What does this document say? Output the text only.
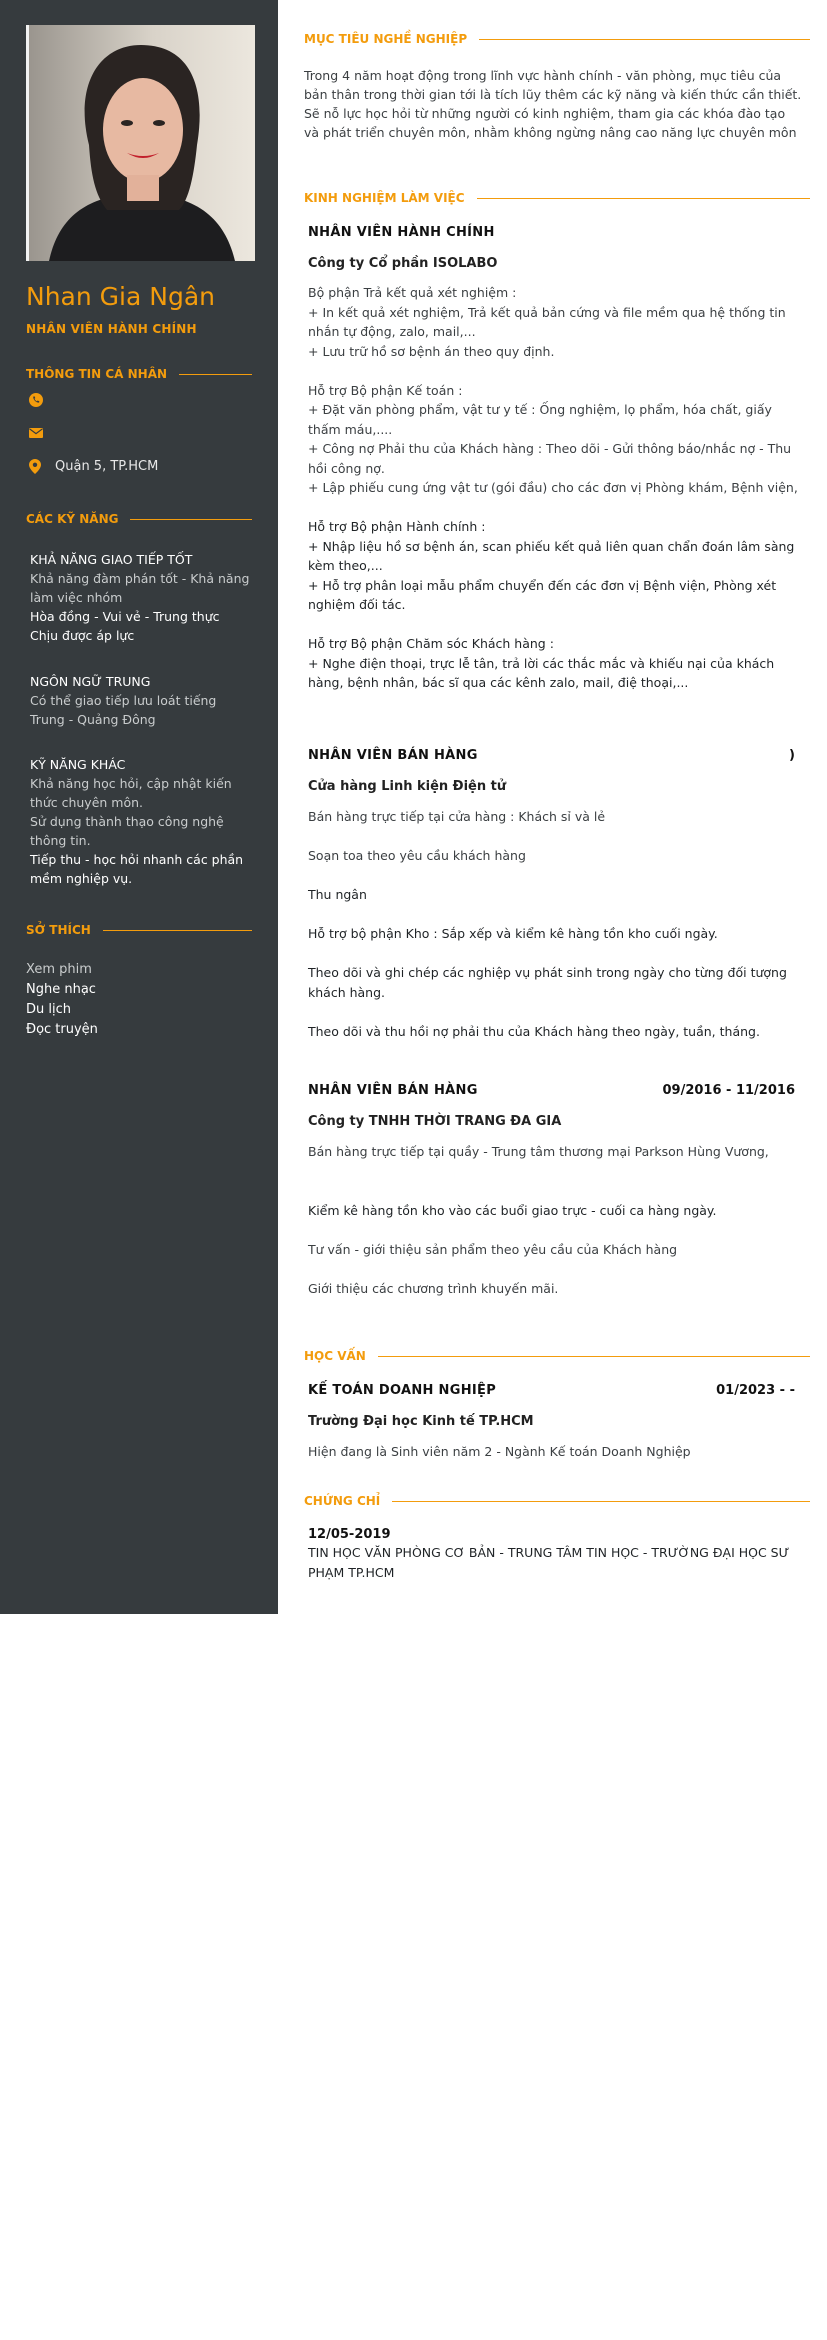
Nhan Gia Ngân
NHÂN VIÊN HÀNH CHÍNH
THÔNG TIN CÁ NHÂN
Quận 5, TP.HCM
CÁC KỸ NĂNG
KHẢ NĂNG GIAO TIẾP TỐT
Khả năng đàm phán tốt - Khả năng làm việc nhóm
Hòa đồng - Vui vẻ - Trung thực
Chịu được áp lực
NGÔN NGỮ TRUNG
Có thể giao tiếp lưu loát tiếng Trung - Quảng Đông
KỸ NĂNG KHÁC
Khả năng học hỏi, cập nhật kiến thức chuyên môn.
Sử dụng thành thạo công nghệ thông tin.
Tiếp thu - học hỏi nhanh các phần mềm nghiệp vụ.
SỞ THÍCH
Xem phim
Nghe nhạc
Du lịch
Đọc truyện
MỤC TIÊU NGHỀ NGHIỆP
Trong 4 năm hoạt động trong lĩnh vực hành chính - văn phòng, mục tiêu của bản thân trong thời gian tới là tích lũy thêm các kỹ năng và kiến thức cần thiết. Sẽ nỗ lực học hỏi từ những người có kinh nghiệm, tham gia các khóa đào tạo và phát triển chuyên môn, nhằm không ngừng nâng cao năng lực chuyên môn
KINH NGHIỆM LÀM VIỆC
NHÂN VIÊN HÀNH CHÍNH
Công ty Cổ phần ISOLABO
Bộ phận Trả kết quả xét nghiệm :
+ In kết quả xét nghiệm, Trả kết quả bản cứng và file mềm qua hệ thống tin nhắn tự động, zalo, mail,...
+ Lưu trữ hồ sơ bệnh án theo quy định.
Hỗ trợ Bộ phận Kế toán :
+ Đặt văn phòng phẩm, vật tư y tế : Ống nghiệm, lọ phẩm, hóa chất, giấy thấm máu,....
+ Công nợ Phải thu của Khách hàng : Theo dõi - Gửi thông báo/nhắc nợ - Thu hồi công nợ.
+ Lập phiếu cung ứng vật tư (gói đầu) cho các đơn vị Phòng khám, Bệnh viện,
Hỗ trợ Bộ phận Hành chính :
+ Nhập liệu hồ sơ bệnh án, scan phiếu kết quả liên quan chẩn đoán lâm sàng kèm theo,...
+ Hỗ trợ phân loại mẫu phẩm chuyển đến các đơn vị Bệnh viện, Phòng xét nghiệm đối tác.
Hỗ trợ Bộ phận Chăm sóc Khách hàng :
+ Nghe điện thoại, trực lễ tân, trả lời các thắc mắc và khiếu nại của khách hàng, bệnh nhân, bác sĩ qua các kênh zalo, mail, điệ thoại,...
NHÂN VIÊN BÁN HÀNG	)
Cửa hàng Linh kiện Điện tử
Bán hàng trực tiếp tại cửa hàng : Khách sỉ và lẻ
Soạn toa theo yêu cầu khách hàng
Thu ngân
Hỗ trợ bộ phận Kho : Sắp xếp và kiểm kê hàng tồn kho cuối ngày.
Theo dõi và ghi chép các nghiệp vụ phát sinh trong ngày cho từng đối tượng khách hàng.
Theo dõi và thu hồi nợ phải thu của Khách hàng theo ngày, tuần, tháng.
NHÂN VIÊN BÁN HÀNG	09/2016 - 11/2016
Công ty TNHH THỜI TRANG ĐA GIA
Bán hàng trực tiếp tại quầy - Trung tâm thương mại Parkson Hùng Vương,
Kiểm kê hàng tồn kho vào các buổi giao trực - cuối ca hàng ngày.
Tư vấn - giới thiệu sản phẩm theo yêu cầu của Khách hàng
Giới thiệu các chương trình khuyến mãi.
HỌC VẤN
KẾ TOÁN DOANH NGHIỆP	01/2023 - -
Trường Đại học Kinh tế TP.HCM
Hiện đang là Sinh viên năm 2 - Ngành Kế toán Doanh Nghiệp
CHỨNG CHỈ
12/05-2019
TIN HỌC VĂN PHÒNG CƠ BẢN - TRUNG TÂM TIN HỌC - TRƯỜNG ĐẠI HỌC SƯ PHẠM TP.HCM
